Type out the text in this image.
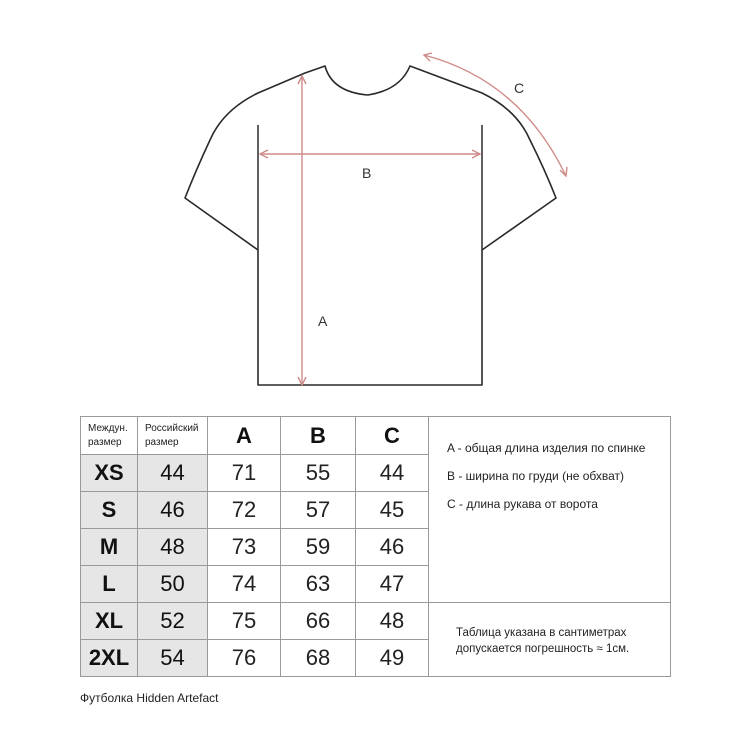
C
B
A
Междун. размер	Российский размер	A	B	C	A - общая длина изделия по спинке
B - ширина по груди (не обхват)
C - длина рукава от ворота

XS	44	71	55	44	
S	46	72	57	45	
M	48	73	59	46	
L	50	74	63	47	
XL	52	75	66	48	Таблица указана в сантиметрах
допускается погрешность ≈ 1см.

2XL	54	76	68	49	
Футболка Hidden Artefact
